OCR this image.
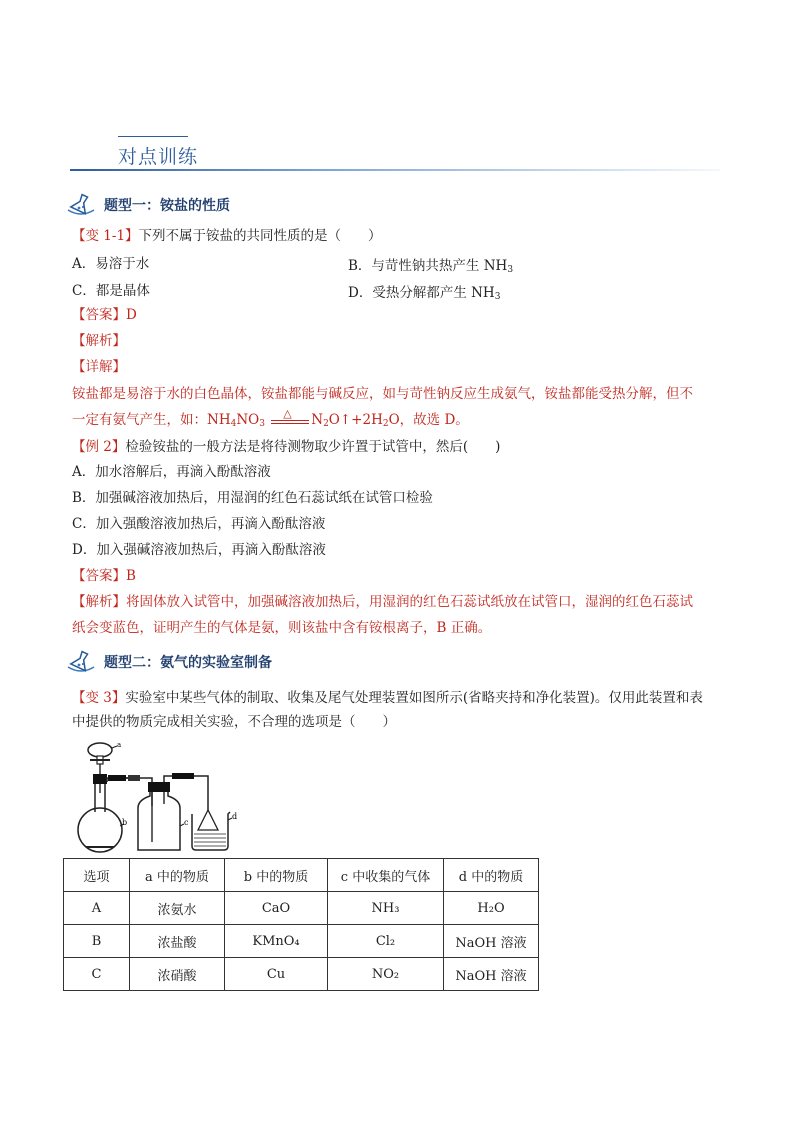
对点训练
题型一：铵盐的性质
【变 1-1】下列不属于铵盐的共同性质的是（　　）
A．易溶于水	B．与苛性钠共热产生 $NH_3$
C．都是晶体	D．受热分解都产生 $NH_3$
【答案】D
【解析】
【详解】
铵盐都是易溶于水的白色晶体，铵盐都能与碱反应，如与苛性钠反应生成氨气，铵盐都能受热分解，但不
一定有氨气产生，如：$NH_4NO_3$
△ $N_2O↑+2H_2O$，故选 D。
【例 2】检验铵盐的一般方法是将待测物取少许置于试管中，然后(　　)
A．加水溶解后，再滴入酚酞溶液
B．加强碱溶液加热后，用湿润的红色石蕊试纸在试管口检验
C．加入强酸溶液加热后，再滴入酚酞溶液
D．加入强碱溶液加热后，再滴入酚酞溶液
【答案】B
【解析】将固体放入试管中，加强碱溶液加热后，用湿润的红色石蕊试纸放在试管口，湿润的红色石蕊试
纸会变蓝色，证明产生的气体是氨，则该盐中含有铵根离子，B 正确。
题型二：氨气的实验室制备
【变 3】实验室中某些气体的制取、收集及尾气处理装置如图所示(省略夹持和净化装置)。仅用此装置和表
中提供的物质完成相关实验，不合理的选项是（　　）
a
b	c
d
选项	a 中的物质	b 中的物质	c 中收集的气体	d 中的物质
A	浓氨水	CaO	NH₃	H₂O
B	浓盐酸	KMnO₄	Cl₂	NaOH 溶液
C	浓硝酸	Cu	NO₂	NaOH 溶液
